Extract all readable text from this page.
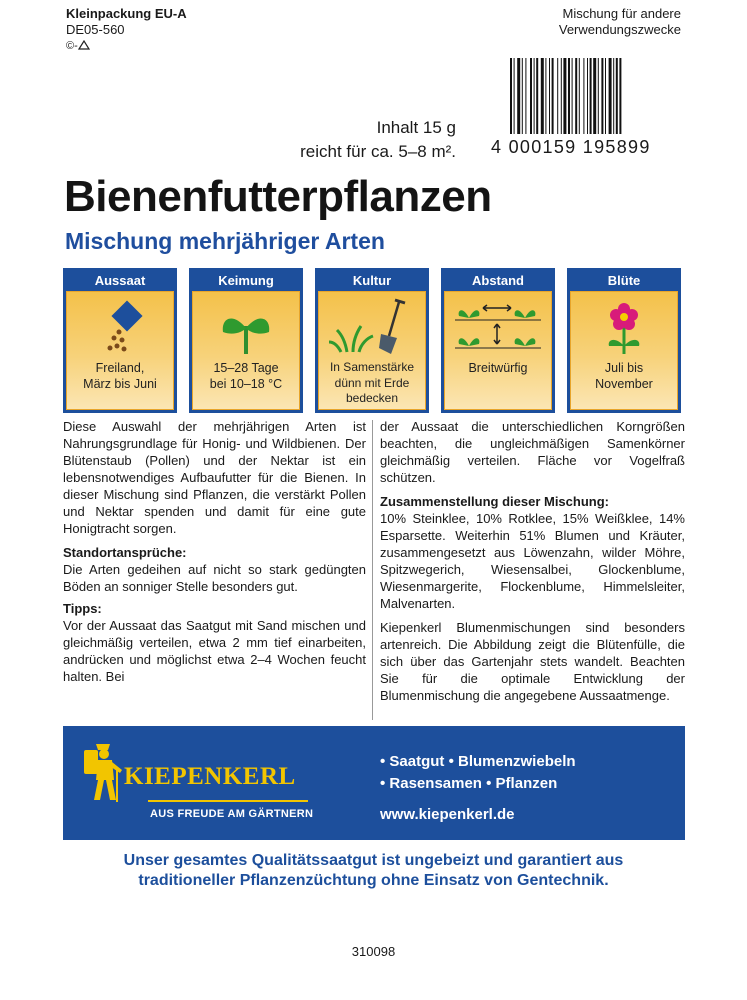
Kleinpackung EU-A
DE05-560
©-
Mischung für andere
Verwendungszwecke
4 000159 195899
Inhalt 15 g
reicht für ca. 5–8 m².
Bienenfutterpflanzen
Mischung mehrjähriger Arten
Aussaat
Freiland,
März bis Juni
Keimung
15–28 Tage
bei 10–18 °C
Kultur
In Samenstärke
dünn mit Erde
bedecken
Abstand
Breitwürfig
Blüte
Juli bis
November

Diese Auswahl der mehrjährigen Arten ist Nahrungsgrundlage für Honig- und Wildbienen. Der Blütenstaub (Pollen) und der Nektar ist ein lebensnotwendiges Aufbaufutter für die Bienen. In dieser Mischung sind Pflanzen, die verstärkt Pollen und Nektar spenden und damit für eine gute Honigtracht sorgen.

Standortansprüche:

Die Arten gedeihen auf nicht so stark gedüngten Böden an sonniger Stelle besonders gut.

Tipps:

Vor der Aussaat das Saatgut mit Sand mischen und gleichmäßig verteilen, etwa 2 mm tief einarbeiten, andrücken und möglichst etwa 2–4 Wochen feucht halten. Bei

der Aussaat die unterschiedlichen Korngrößen beachten, die ungleichmäßigen Samenkörner gleichmäßig verteilen. Fläche vor Vogelfraß schützen.

Zusammenstellung dieser Mischung:

10% Steinklee, 10% Rotklee, 15% Weißklee, 14% Esparsette. Weiterhin 51% Blumen und Kräuter, zusammengesetzt aus Löwenzahn, wilder Möhre, Spitzwegerich, Wiesensalbei, Glockenblume, Wiesenmargerite, Flockenblume, Himmelsleiter, Malvenarten.

Kiepenkerl Blumenmischungen sind besonders artenreich. Die Abbildung zeigt die Blütenfülle, die sich über das Gartenjahr stets wandelt. Beachten Sie für die optimale Entwicklung der Blumenmischung die angegebene Aussaatmenge.

KIEPENKERL
AUS FREUDE AM GÄRTNERN
• Saatgut • Blumenzwiebeln
• Rasensamen • Pflanzen
www.kiepenkerl.de
Unser gesamtes Qualitätssaatgut ist ungebeizt und garantiert aus
traditioneller Pflanzenzüchtung ohne Einsatz von Gentechnik.
310098
